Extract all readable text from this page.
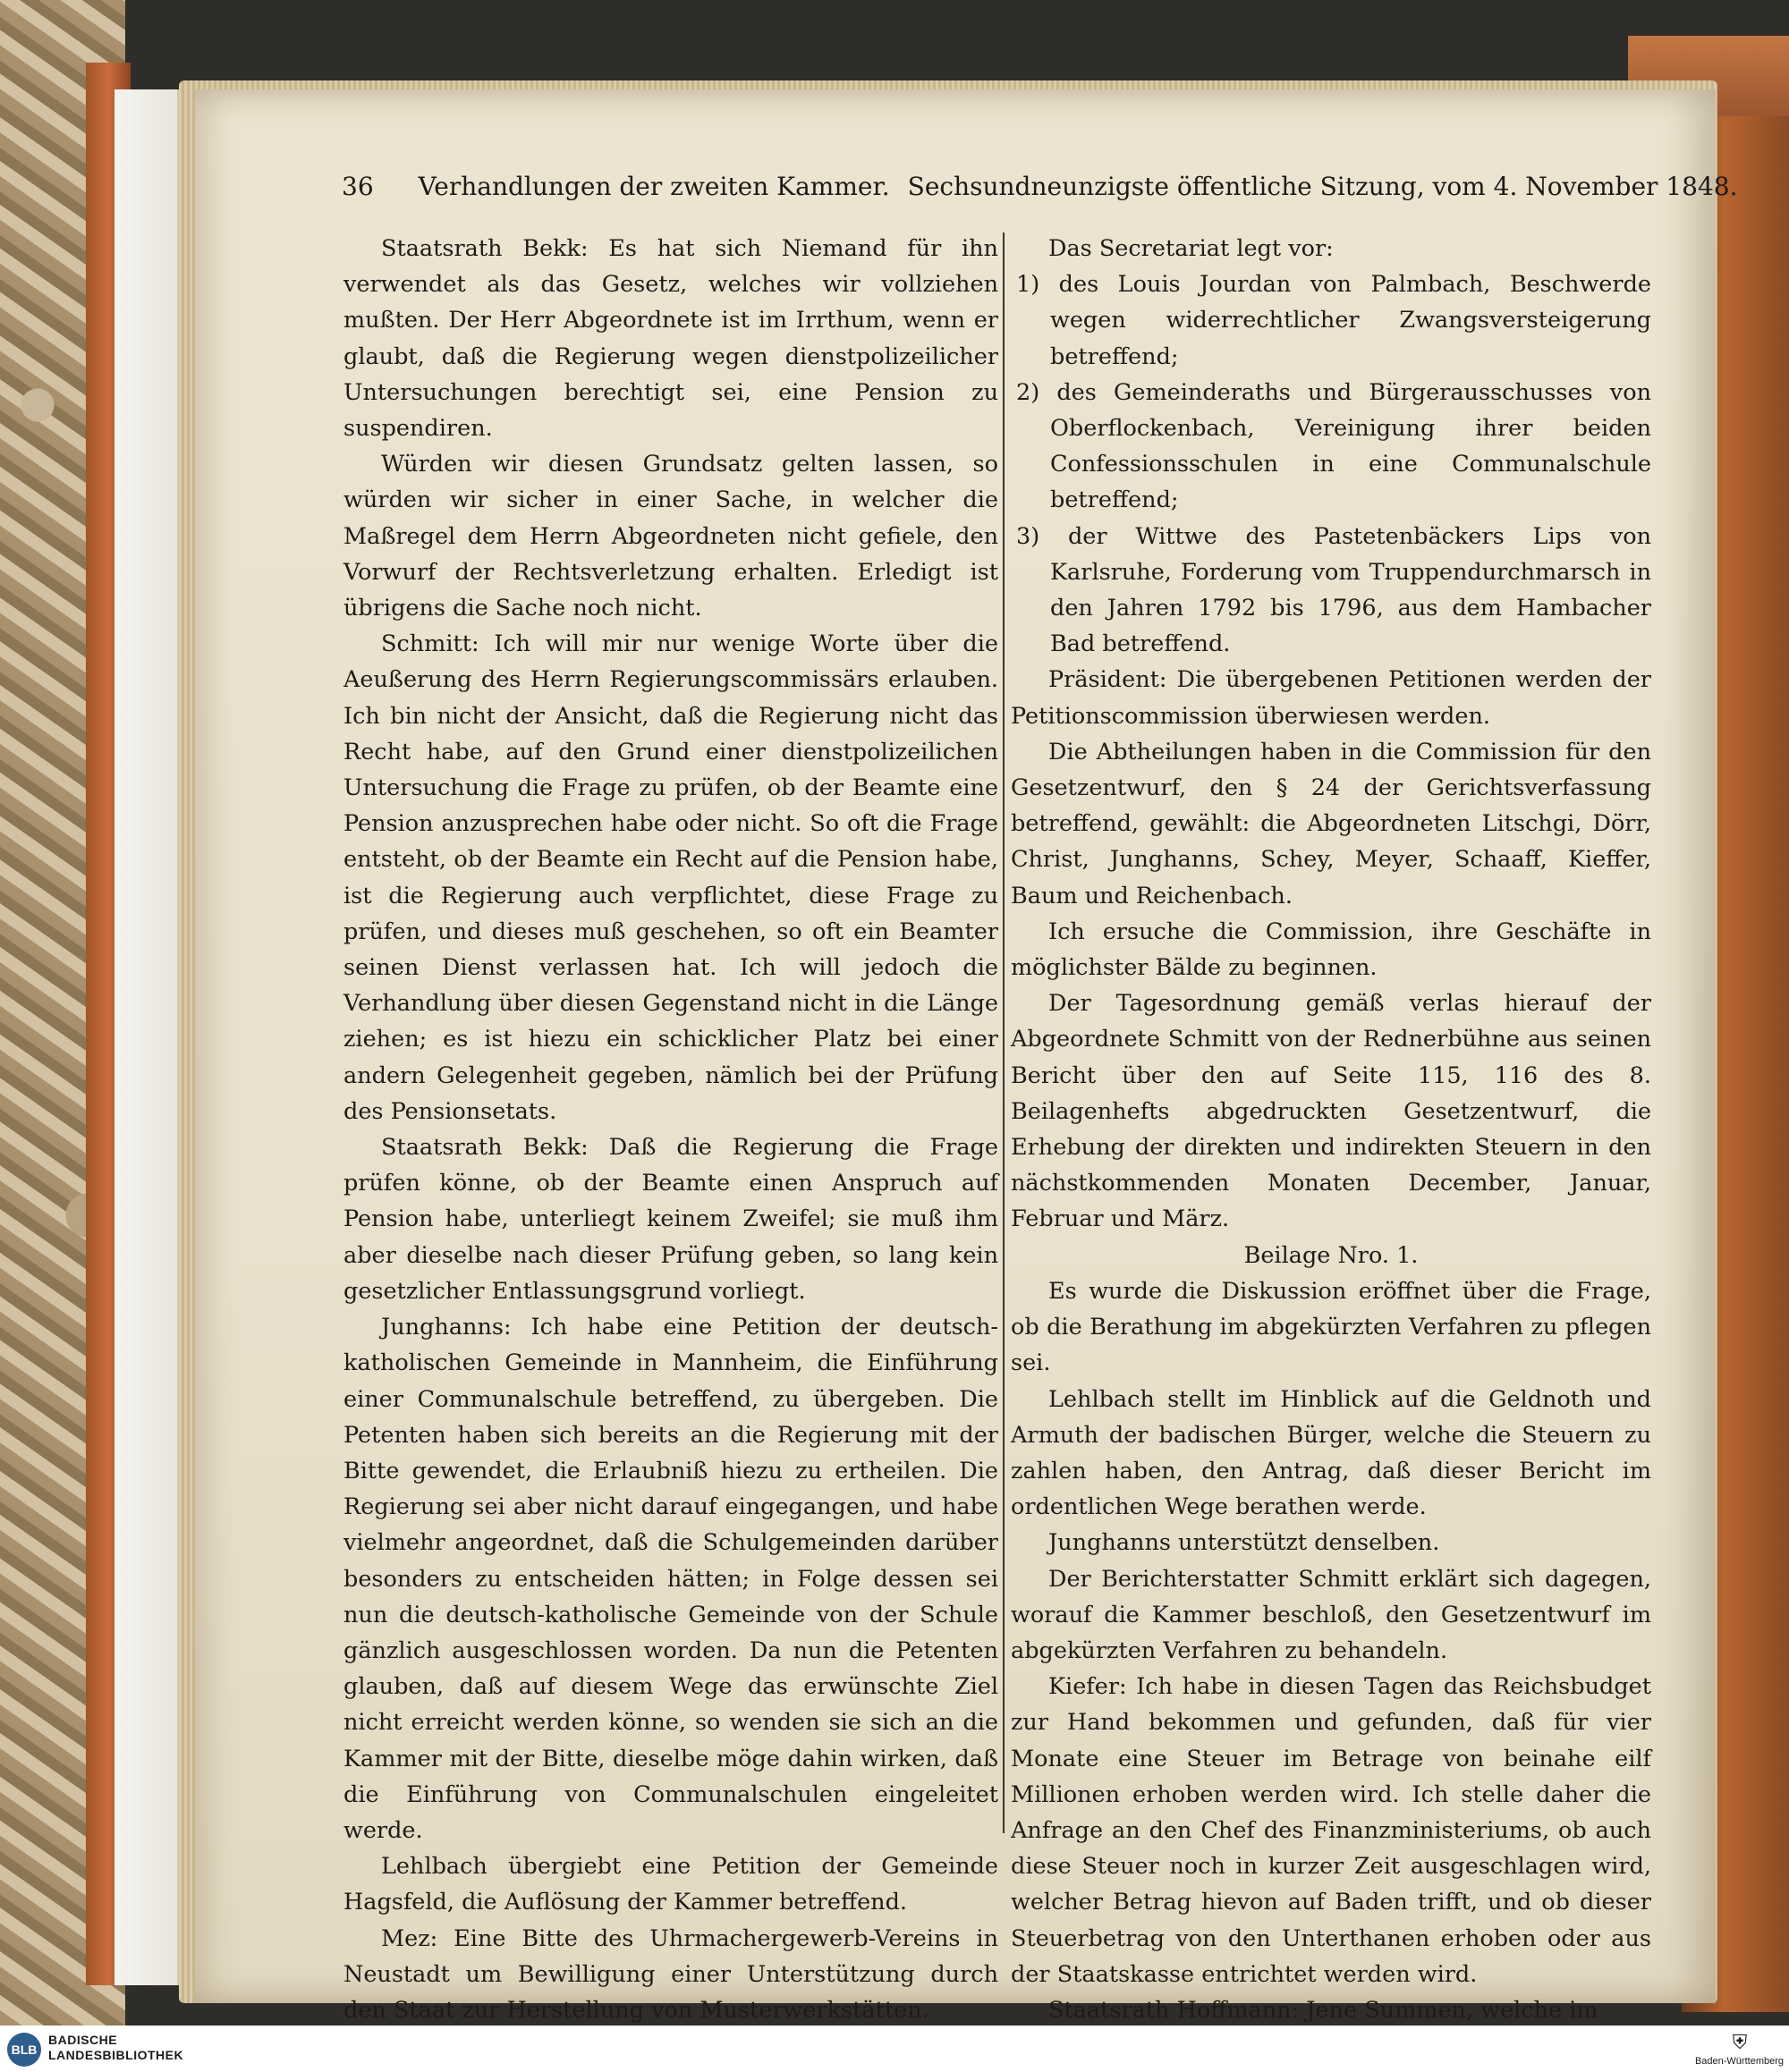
36 Verhandlungen der zweiten Kammer. Sechsundneunzigste öffentliche Sitzung, vom 4. November 1848.

Staatsrath Bekk: Es hat sich Niemand für ihn verwendet als das Gesetz, welches wir vollziehen mußten. Der Herr Abgeordnete ist im Irrthum, wenn er glaubt, daß die Regierung wegen dienstpolizeilicher Untersuchungen berechtigt sei, eine Pension zu suspendiren.

Würden wir diesen Grundsatz gelten lassen, so würden wir sicher in einer Sache, in welcher die Maßregel dem Herrn Abgeordneten nicht gefiele, den Vorwurf der Rechtsverletzung erhalten. Erledigt ist übrigens die Sache noch nicht.

Schmitt: Ich will mir nur wenige Worte über die Aeußerung des Herrn Regierungscommissärs erlauben. Ich bin nicht der Ansicht, daß die Regierung nicht das Recht habe, auf den Grund einer dienstpolizeilichen Untersuchung die Frage zu prüfen, ob der Beamte eine Pension anzusprechen habe oder nicht. So oft die Frage entsteht, ob der Beamte ein Recht auf die Pension habe, ist die Regierung auch verpflichtet, diese Frage zu prüfen, und dieses muß geschehen, so oft ein Beamter seinen Dienst verlassen hat. Ich will jedoch die Verhandlung über diesen Gegenstand nicht in die Länge ziehen; es ist hiezu ein schicklicher Platz bei einer andern Gelegenheit gegeben, nämlich bei der Prüfung des Pensionsetats.

Staatsrath Bekk: Daß die Regierung die Frage prüfen könne, ob der Beamte einen Anspruch auf Pension habe, unterliegt keinem Zweifel; sie muß ihm aber dieselbe nach dieser Prüfung geben, so lang kein gesetzlicher Entlassungsgrund vorliegt.

Junghanns: Ich habe eine Petition der deutsch-katholischen Gemeinde in Mannheim, die Einführung einer Communalschule betreffend, zu übergeben. Die Petenten haben sich bereits an die Regierung mit der Bitte gewendet, die Erlaubniß hiezu zu ertheilen. Die Regierung sei aber nicht darauf eingegangen, und habe vielmehr angeordnet, daß die Schulgemeinden darüber besonders zu entscheiden hätten; in Folge dessen sei nun die deutsch-katholische Gemeinde von der Schule gänzlich ausgeschlossen worden. Da nun die Petenten glauben, daß auf diesem Wege das erwünschte Ziel nicht erreicht werden könne, so wenden sie sich an die Kammer mit der Bitte, dieselbe möge dahin wirken, daß die Einführung von Communalschulen eingeleitet werde.

Lehlbach übergiebt eine Petition der Gemeinde Hagsfeld, die Auflösung der Kammer betreffend.

Mez: Eine Bitte des Uhrmachergewerb-Vereins in Neustadt um Bewilligung einer Unterstützung durch den Staat zur Herstellung von Musterwerkstätten.

Das Secretariat legt vor:

1) des Louis Jourdan von Palmbach, Beschwerde wegen widerrechtlicher Zwangsversteigerung betreffend;
2) des Gemeinderaths und Bürgerausschusses von Oberflockenbach, Vereinigung ihrer beiden Confessionsschulen in eine Communalschule betreffend;
3) der Wittwe des Pastetenbäckers Lips von Karlsruhe, Forderung vom Truppendurchmarsch in den Jahren 1792 bis 1796, aus dem Hambacher Bad betreffend.

Präsident: Die übergebenen Petitionen werden der Petitionscommission überwiesen werden.

Die Abtheilungen haben in die Commission für den Gesetzentwurf, den § 24 der Gerichtsverfassung betreffend, gewählt: die Abgeordneten Litschgi, Dörr, Christ, Junghanns, Schey, Meyer, Schaaff, Kieffer, Baum und Reichenbach.

Ich ersuche die Commission, ihre Geschäfte in möglichster Bälde zu beginnen.

Der Tagesordnung gemäß verlas hierauf der Abgeordnete Schmitt von der Rednerbühne aus seinen Bericht über den auf Seite 115, 116 des 8. Beilagenhefts abgedruckten Gesetzentwurf, die Erhebung der direkten und indirekten Steuern in den nächstkommenden Monaten December, Januar, Februar und März.

Beilage Nro. 1.

Es wurde die Diskussion eröffnet über die Frage, ob die Berathung im abgekürzten Verfahren zu pflegen sei.

Lehlbach stellt im Hinblick auf die Geldnoth und Armuth der badischen Bürger, welche die Steuern zu zahlen haben, den Antrag, daß dieser Bericht im ordentlichen Wege berathen werde.

Junghanns unterstützt denselben.

Der Berichterstatter Schmitt erklärt sich dagegen, worauf die Kammer beschloß, den Gesetzentwurf im abgekürzten Verfahren zu behandeln.

Kiefer: Ich habe in diesen Tagen das Reichsbudget zur Hand bekommen und gefunden, daß für vier Monate eine Steuer im Betrage von beinahe eilf Millionen erhoben werden wird. Ich stelle daher die Anfrage an den Chef des Finanzministeriums, ob auch diese Steuer noch in kurzer Zeit ausgeschlagen wird, welcher Betrag hievon auf Baden trifft, und ob dieser Steuerbetrag von den Unterthanen erhoben oder aus der Staatskasse entrichtet werden wird.

Staatsrath Hoffmann: Jene Summen, welche im

BLB
BADISCHE
LANDESBIBLIOTHEK
⛨
Baden-Württemberg
